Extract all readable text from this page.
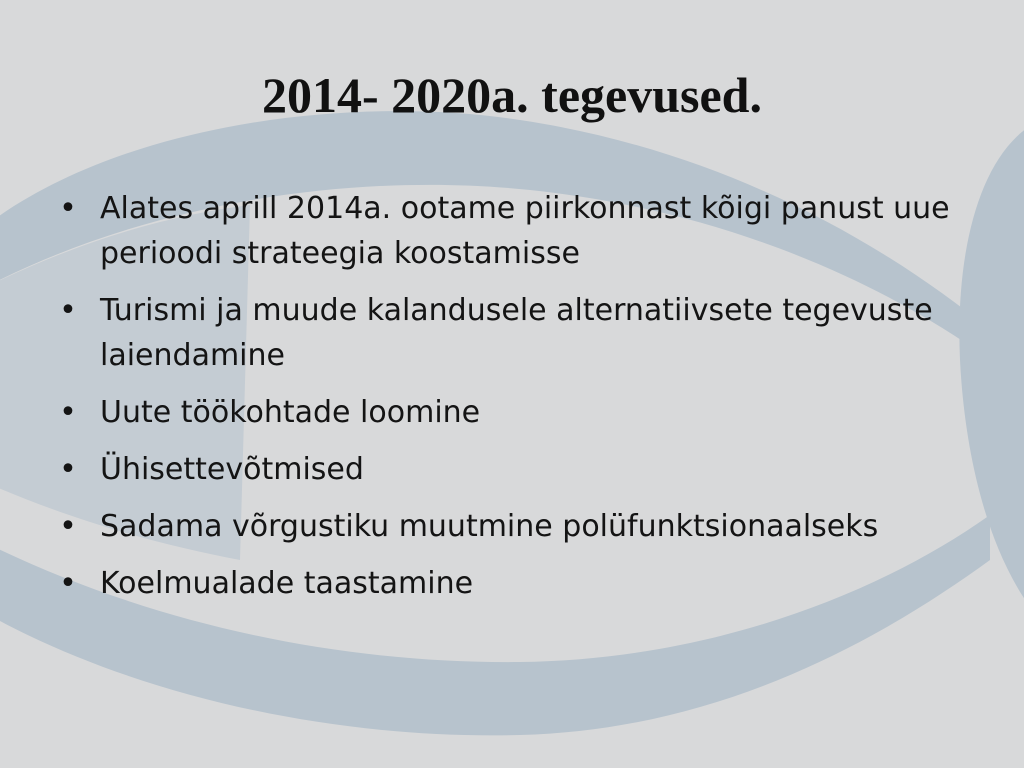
2014- 2020a. tegevused.
• Alates aprill 2014a. ootame piirkonnast kõigi panust uue perioodi strateegia koostamisse
• Turismi ja muude kalandusele alternatiivsete tegevuste laiendamine
• Uute töökohtade loomine
• Ühisettevõtmised
• Sadama võrgustiku muutmine polüfunktsionaalseks
• Koelmualade taastamine
